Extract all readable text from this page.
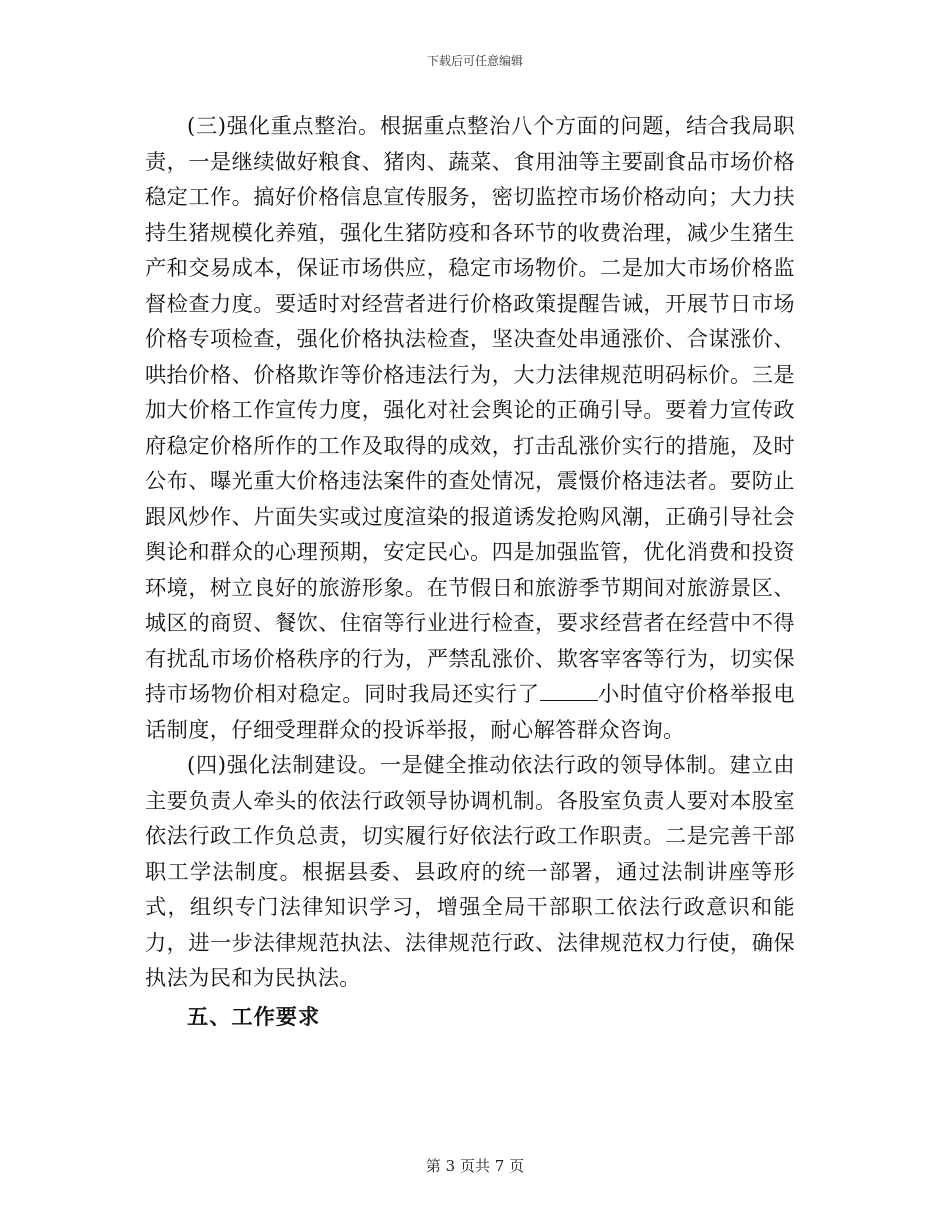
下载后可任意编辑

(三)强化重点整治。根据重点整治八个方面的问题，结合我局职责，一是继续做好粮食、猪肉、蔬菜、食用油等主要副食品市场价格稳定工作。搞好价格信息宣传服务，密切监控市场价格动向；大力扶持生猪规模化养殖，强化生猪防疫和各环节的收费治理，减少生猪生产和交易成本，保证市场供应，稳定市场物价。二是加大市场价格监督检查力度。要适时对经营者进行价格政策提醒告诫，开展节日市场价格专项检查，强化价格执法检查，坚决查处串通涨价、合谋涨价、哄抬价格、价格欺诈等价格违法行为，大力法律规范明码标价。三是加大价格工作宣传力度，强化对社会舆论的正确引导。要着力宣传政府稳定价格所作的工作及取得的成效，打击乱涨价实行的措施，及时公布、曝光重大价格违法案件的查处情况，震慑价格违法者。要防止跟风炒作、片面失实或过度渲染的报道诱发抢购风潮，正确引导社会舆论和群众的心理预期，安定民心。四是加强监管，优化消费和投资环境，树立良好的旅游形象。在节假日和旅游季节期间对旅游景区、城区的商贸、餐饮、住宿等行业进行检查，要求经营者在经营中不得有扰乱市场价格秩序的行为，严禁乱涨价、欺客宰客等行为，切实保持市场物价相对稳定。同时我局还实行了	小时值守价格举报电话制度，仔细受理群众的投诉举报，耐心解答群众咨询。

(四)强化法制建设。一是健全推动依法行政的领导体制。建立由主要负责人牵头的依法行政领导协调机制。各股室负责人要对本股室依法行政工作负总责，切实履行好依法行政工作职责。二是完善干部职工学法制度。根据县委、县政府的统一部署，通过法制讲座等形式，组织专门法律知识学习，增强全局干部职工依法行政意识和能力，进一步法律规范执法、法律规范行政、法律规范权力行使，确保执法为民和为民执法。

五、工作要求

第 3 页共 7 页
